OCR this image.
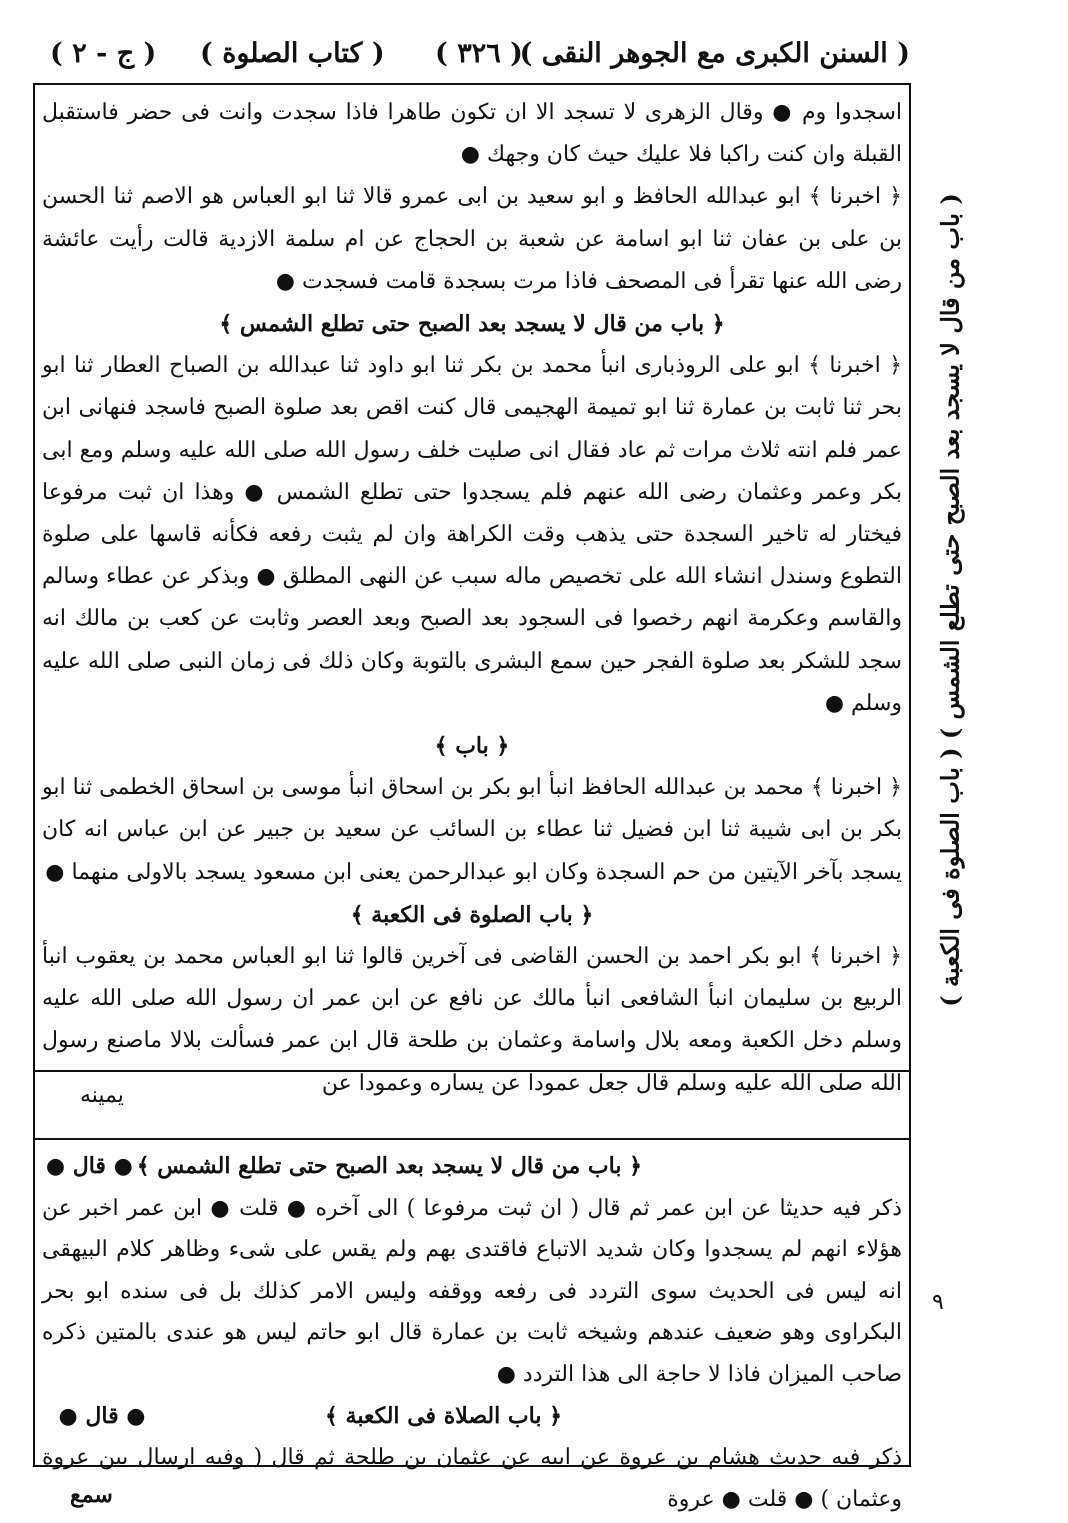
( السنن الكبرى مع الجوهر النقى )
( ٣٢٦ )
( كتاب الصلوة )
( ج - ٢ )

اسجدوا وم ● وقال الزهرى لا تسجد الا ان تكون طاهرا فاذا سجدت وانت فى حضر فاستقبل القبلة وان كنت راكبا فلا عليك حيث كان وجهك ●

﴿ اخبرنا ﴾ ابو عبدالله الحافظ و ابو سعيد بن ابى عمرو قالا ثنا ابو العباس هو الاصم ثنا الحسن بن على بن عفان ثنا ابو اسامة عن شعبة بن الحجاج عن ام سلمة الازدية قالت رأيت عائشة رضى الله عنها تقرأ فى المصحف فاذا مرت بسجدة قامت فسجدت ●

﴿ باب من قال لا يسجد بعد الصبح حتى تطلع الشمس ﴾

﴿ اخبرنا ﴾ ابو على الروذبارى انبأ محمد بن بكر ثنا ابو داود ثنا عبدالله بن الصباح العطار ثنا ابو بحر ثنا ثابت بن عمارة ثنا ابو تميمة الهجيمى قال كنت اقص بعد صلوة الصبح فاسجد فنهانى ابن عمر فلم انته ثلاث مرات ثم عاد فقال انى صليت خلف رسول الله صلى الله عليه وسلم ومع ابى بكر وعمر وعثمان رضى الله عنهم فلم يسجدوا حتى تطلع الشمس ● وهذا ان ثبت مرفوعا فيختار له تاخير السجدة حتى يذهب وقت الكراهة وان لم يثبت رفعه فكأنه قاسها على صلوة التطوع وسندل انشاء الله على تخصيص ماله سبب عن النهى المطلق ● وبذكر عن عطاء وسالم والقاسم وعكرمة انهم رخصوا فى السجود بعد الصبح وبعد العصر وثابت عن كعب بن مالك انه سجد للشكر بعد صلوة الفجر حين سمع البشرى بالتوبة وكان ذلك فى زمان النبى صلى الله عليه وسلم ●

﴿ باب ﴾

﴿ اخبرنا ﴾ محمد بن عبدالله الحافظ انبأ ابو بكر بن اسحاق انبأ موسى بن اسحاق الخطمى ثنا ابو بكر بن ابى شيبة ثنا ابن فضيل ثنا عطاء بن السائب عن سعيد بن جبير عن ابن عباس انه كان يسجد بآخر الآيتين من حم السجدة وكان ابو عبدالرحمن يعنى ابن مسعود يسجد بالاولى منهما ●

﴿ باب الصلوة فى الكعبة ﴾

﴿ اخبرنا ﴾ ابو بكر احمد بن الحسن القاضى فى آخرين قالوا ثنا ابو العباس محمد بن يعقوب انبأ الربيع بن سليمان انبأ الشافعى انبأ مالك عن نافع عن ابن عمر ان رسول الله صلى الله عليه وسلم دخل الكعبة ومعه بلال واسامة وعثمان بن طلحة قال ابن عمر فسألت بلالا ماصنع رسول الله صلى الله عليه وسلم قال جعل عمودا عن يساره وعمودا عن

يمينه
﴿ باب من قال لا يسجد بعد الصبح حتى تطلع الشمس ﴾
● قال ●

ذكر فيه حديثا عن ابن عمر ثم قال ( ان ثبت مرفوعا ) الى آخره ● قلت ● ابن عمر اخبر عن هؤلاء انهم لم يسجدوا وكان شديد الاتباع فاقتدى بهم ولم يقس على شىء وظاهر كلام البيهقى انه ليس فى الحديث سوى التردد فى رفعه ووقفه وليس الامر كذلك بل فى سنده ابو بحر البكراوى وهو ضعيف عندهم وشيخه ثابت بن عمارة قال ابو حاتم ليس هو عندى بالمتين ذكره صاحب الميزان فاذا لا حاجة الى هذا التردد ●

﴿ باب الصلاة فى الكعبة ﴾
● قال ●

ذكر فيه حديث هشام بن عروة عن ابيه عن عثمان بن طلحة ثم قال ( وفيه ارسال بين عروة وعثمان ) ● قلت ● عروة

( باب من قال لا يسجد بعد الصبح حتى تطلع الشمس ) ( باب الصلوة فى الكعبة )
٩
سمع
